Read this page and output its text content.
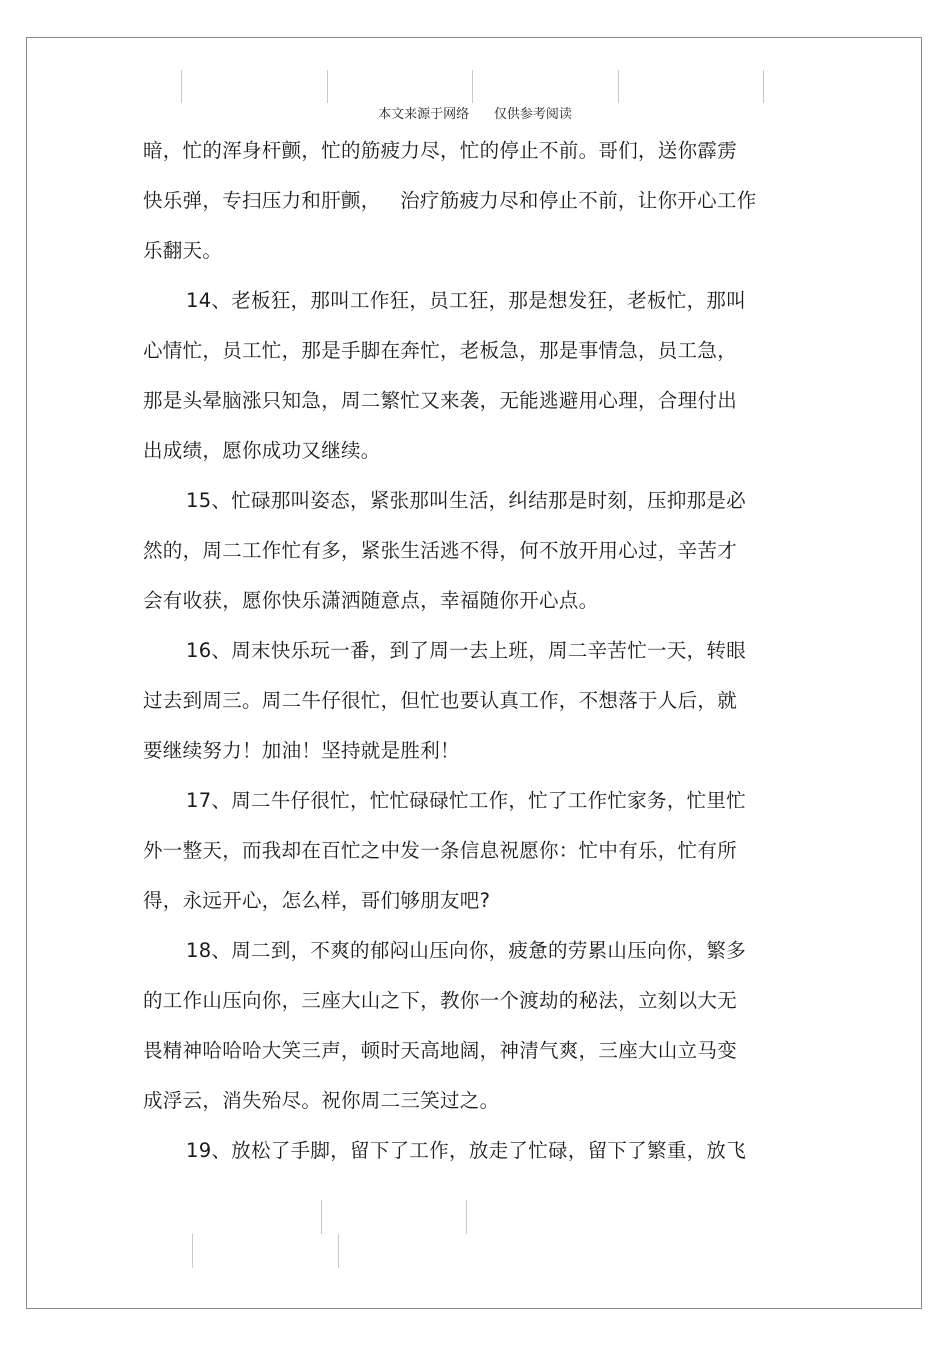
本文来源于网络      仅供参考阅读
暗，忙的浑身杆颤，忙的筋疲力尽，忙的停止不前。哥们，送你霹雳
快乐弹，专扫压力和肝颤，   治疗筋疲力尽和停止不前，让你开心工作
乐翻天。
14、老板狂，那叫工作狂，员工狂，那是想发狂，老板忙，那叫
心情忙，员工忙，那是手脚在奔忙，老板急，那是事情急，员工急，
那是头晕脑涨只知急，周二繁忙又来袭，无能逃避用心理，合理付出
出成绩，愿你成功又继续。
15、忙碌那叫姿态，紧张那叫生活，纠结那是时刻，压抑那是必
然的，周二工作忙有多，紧张生活逃不得，何不放开用心过，辛苦才
会有收获，愿你快乐潇洒随意点，幸福随你开心点。
16、周末快乐玩一番，到了周一去上班，周二辛苦忙一天，转眼
过去到周三。周二牛仔很忙，但忙也要认真工作，不想落于人后，就
要继续努力！加油！坚持就是胜利！
17、周二牛仔很忙，忙忙碌碌忙工作，忙了工作忙家务，忙里忙
外一整天，而我却在百忙之中发一条信息祝愿你：忙中有乐，忙有所
得，永远开心，怎么样，哥们够朋友吧?
18、周二到，不爽的郁闷山压向你，疲惫的劳累山压向你，繁多
的工作山压向你，三座大山之下，教你一个渡劫的秘法，立刻以大无
畏精神哈哈哈大笑三声，顿时天高地阔，神清气爽，三座大山立马变
成浮云，消失殆尽。祝你周二三笑过之。
19、放松了手脚，留下了工作，放走了忙碌，留下了繁重，放飞
